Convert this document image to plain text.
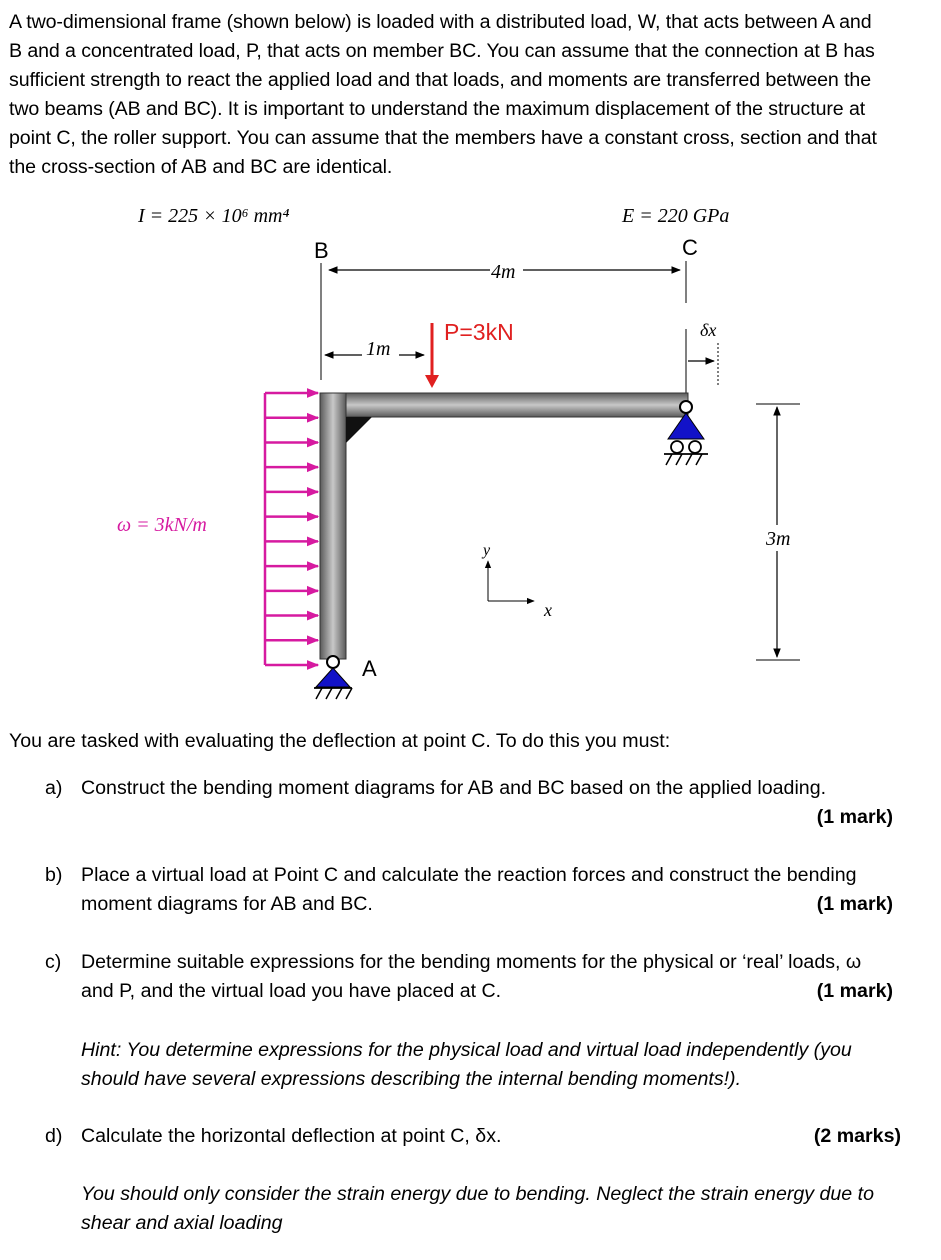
A two-dimensional frame (shown below) is loaded with a distributed load, W, that acts between A and
B and a concentrated load, P, that acts on member BC. You can assume that the connection at B has
sufficient strength to react the applied load and that loads, and moments are transferred between the
two beams (AB and BC). It is important to understand the maximum displacement of the structure at
point C, the roller support. You can assume that the members have a constant cross, section and that
the cross-section of AB and BC are identical.
I = 225 × 10⁶ mm⁴	E = 220 GPa
B	C
4m
1m
P=3kN	δx
A
ω = 3kN/m
y
x
3m

You are tasked with evaluating the deflection at point C. To do this you must:

a) Construct the bending moment diagrams for AB and BC based on the applied loading.
(1 mark)
b) Place a virtual load at Point C and calculate the reaction forces and construct the bending
moment diagrams for AB and BC.	(1 mark)
c) Determine suitable expressions for the bending moments for the physical or ‘real’ loads, ω
and P, and the virtual load you have placed at C.	(1 mark)
Hint: You determine expressions for the physical load and virtual load independently (you
should have several expressions describing the internal bending moments!).
d) Calculate the horizontal deflection at point C, δx.	(2 marks)
You should only consider the strain energy due to bending. Neglect the strain energy due to
shear and axial loading
